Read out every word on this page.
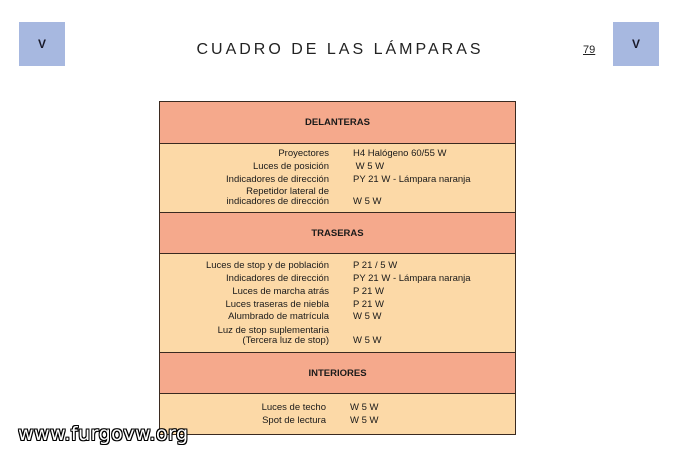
V	CUADRO DE LAS LÁMPARAS	79	V
DELANTERAS
Proyectores	H4 Halógeno 60/55 W
Luces de posición	W 5 W
Indicadores de dirección	PY 21 W - Lámpara naranja
Repetidor lateral de
indicadores de dirección	W 5 W
TRASERAS
Luces de stop y de población	P 21 / 5 W
Indicadores de dirección	PY 21 W - Lámpara naranja
Luces de marcha atrás	P 21 W
Luces traseras de niebla	P 21 W
Alumbrado de matrícula	W 5 W
Luz de stop suplementaria
(Tercera luz de stop)	W 5 W
INTERIORES
Luces de techo	W 5 W
Spot de lectura	W 5 W
www.furgovw.org
